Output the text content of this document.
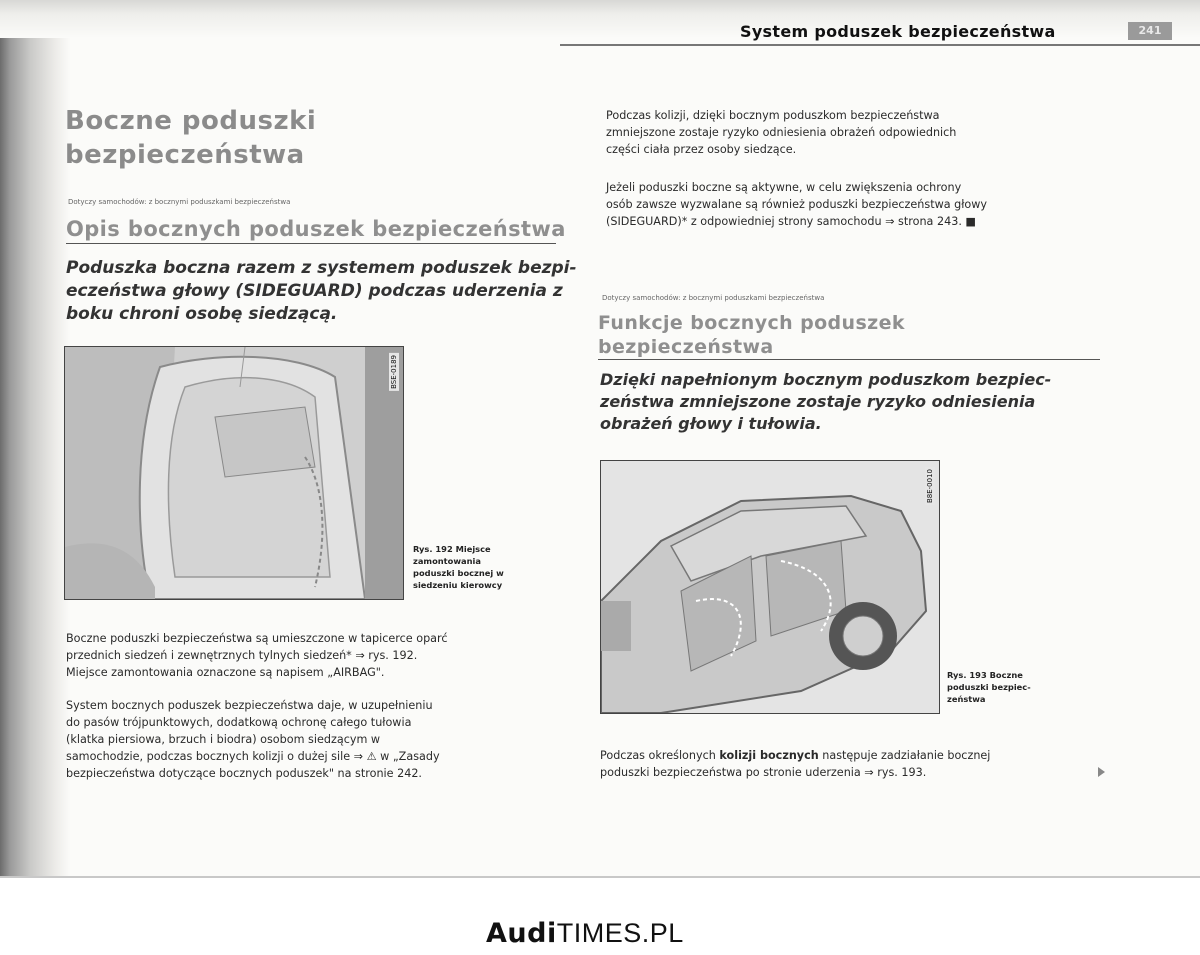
System poduszek bezpieczeństwa	241
Boczne poduszki
bezpieczeństwa
Dotyczy samochodów: z bocznymi poduszkami bezpieczeństwa
Opis bocznych poduszek bezpieczeństwa
Poduszka boczna razem z systemem poduszek bezpi-
eczeństwa głowy (SIDEGUARD) podczas uderzenia z
boku chroni osobę siedzącą.
BSE-0189
Rys. 192 Miejsce
zamontowania
poduszki bocznej w
siedzeniu kierowcy
Boczne poduszki bezpieczeństwa są umieszczone w tapicerce oparć
przednich siedzeń i zewnętrznych tylnych siedzeń* ⇒ rys. 192.
Miejsce zamontowania oznaczone są napisem „AIRBAG".
System bocznych poduszek bezpieczeństwa daje, w uzupełnieniu
do pasów trójpunktowych, dodatkową ochronę całego tułowia
(klatka piersiowa, brzuch i biodra) osobom siedzącym w
samochodzie, podczas bocznych kolizji o dużej sile ⇒ ⚠ w „Zasady
bezpieczeństwa dotyczące bocznych poduszek" na stronie 242.
Podczas kolizji, dzięki bocznym poduszkom bezpieczeństwa
zmniejszone zostaje ryzyko odniesienia obrażeń odpowiednich
części ciała przez osoby siedzące.
Jeżeli poduszki boczne są aktywne, w celu zwiększenia ochrony
osób zawsze wyzwalane są również poduszki bezpieczeństwa głowy
(SIDEGUARD)* z odpowiedniej strony samochodu ⇒ strona 243. ■
Dotyczy samochodów: z bocznymi poduszkami bezpieczeństwa
Funkcje bocznych poduszek
bezpieczeństwa
Dzięki napełnionym bocznym poduszkom bezpiec-
zeństwa zmniejszone zostaje ryzyko odniesienia
obrażeń głowy i tułowia.
B8E-0010
Rys. 193 Boczne
poduszki bezpiec-
zeństwa
Podczas określonych kolizji bocznych następuje zadziałanie bocznej
poduszki bezpieczeństwa po stronie uderzenia ⇒ rys. 193.
AudiTIMES.PL
